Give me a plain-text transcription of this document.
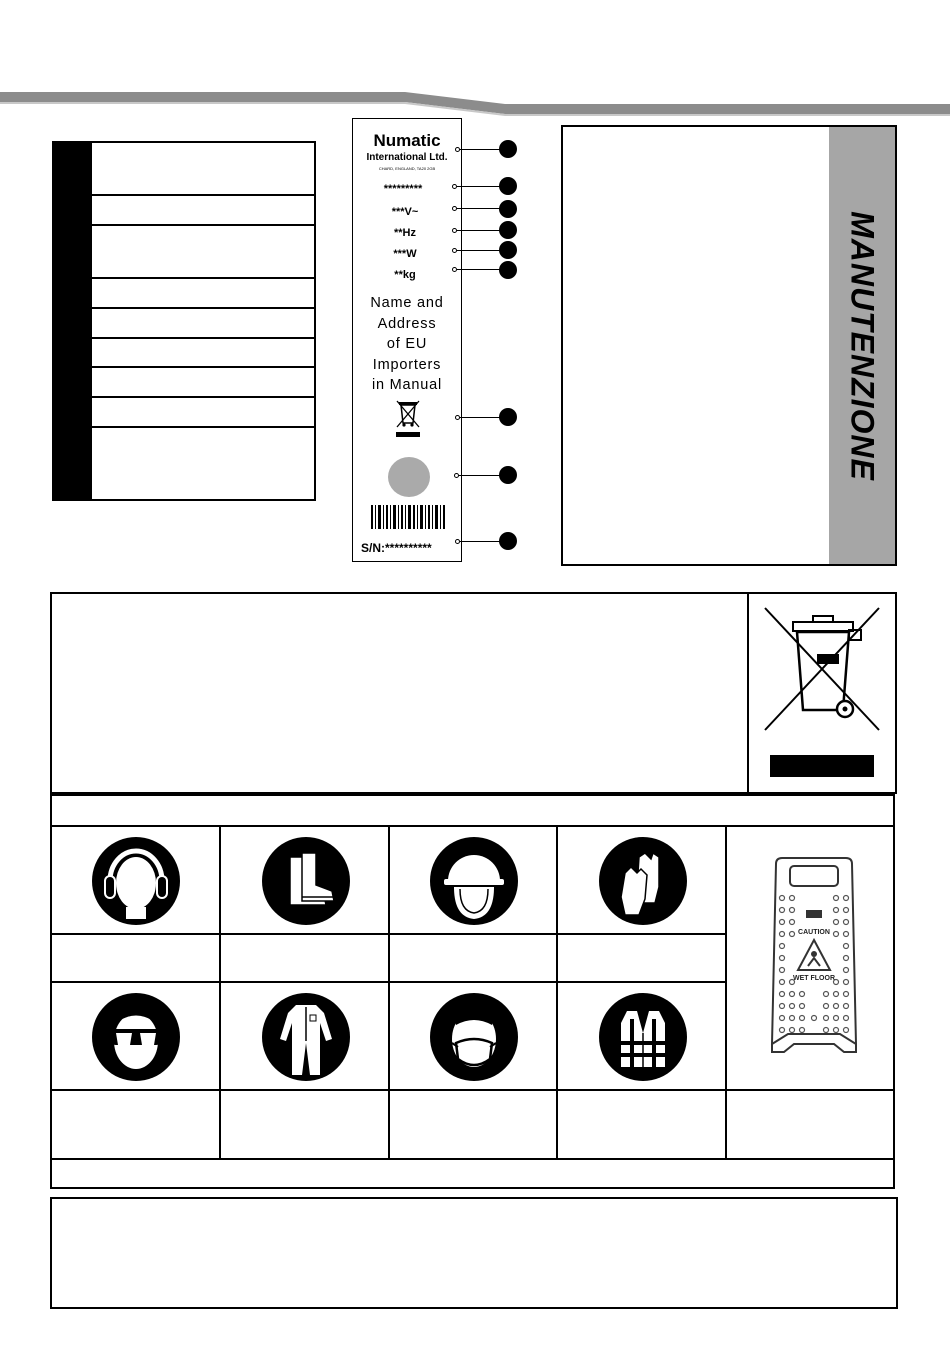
Numatic
International Ltd.
CHARD, ENGLAND, TA20 2GB
*********
***V~
**Hz
***W
**kg
Name and
Address
of EU
Importers
in Manual
S/N:**********
MANUTENZIONE
CAUTION
WET FLOOR
